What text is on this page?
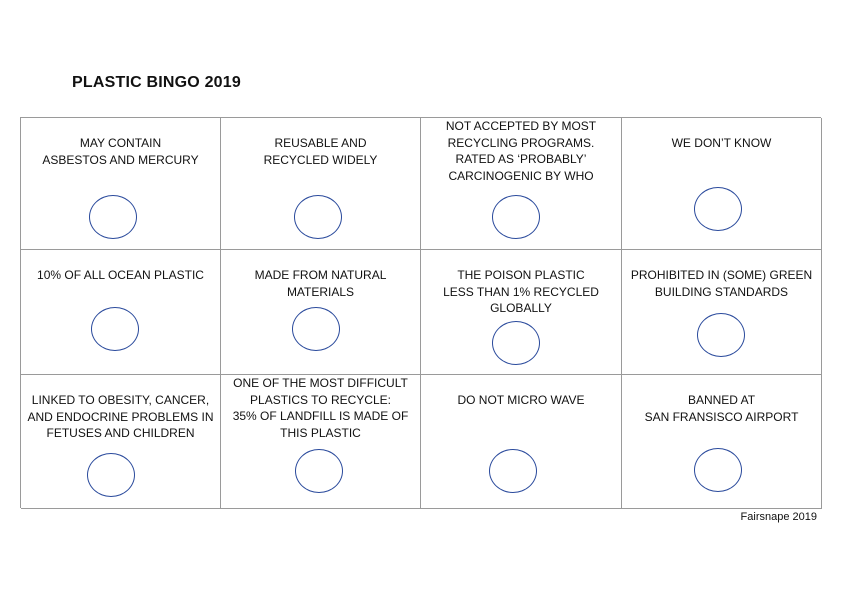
PLASTIC BINGO 2019
MAY CONTAIN
ASBESTOS AND MERCURY
REUSABLE AND
RECYCLED WIDELY
NOT ACCEPTED BY MOST
RECYCLING PROGRAMS.
RATED AS ‘PROBABLY’
CARCINOGENIC BY WHO
WE DON’T KNOW
10% OF ALL OCEAN PLASTIC	MADE FROM NATURAL
MATERIALS
THE POISON PLASTIC
LESS THAN 1% RECYCLED
GLOBALLY
PROHIBITED IN (SOME) GREEN
BUILDING STANDARDS
LINKED TO OBESITY, CANCER,
AND ENDOCRINE PROBLEMS IN
FETUSES AND CHILDREN
ONE OF THE MOST DIFFICULT
PLASTICS TO RECYCLE:
35% OF LANDFILL IS MADE OF
THIS PLASTIC
DO NOT MICRO WAVE	BANNED AT
SAN FRANSISCO AIRPORT
Fairsnape 2019
